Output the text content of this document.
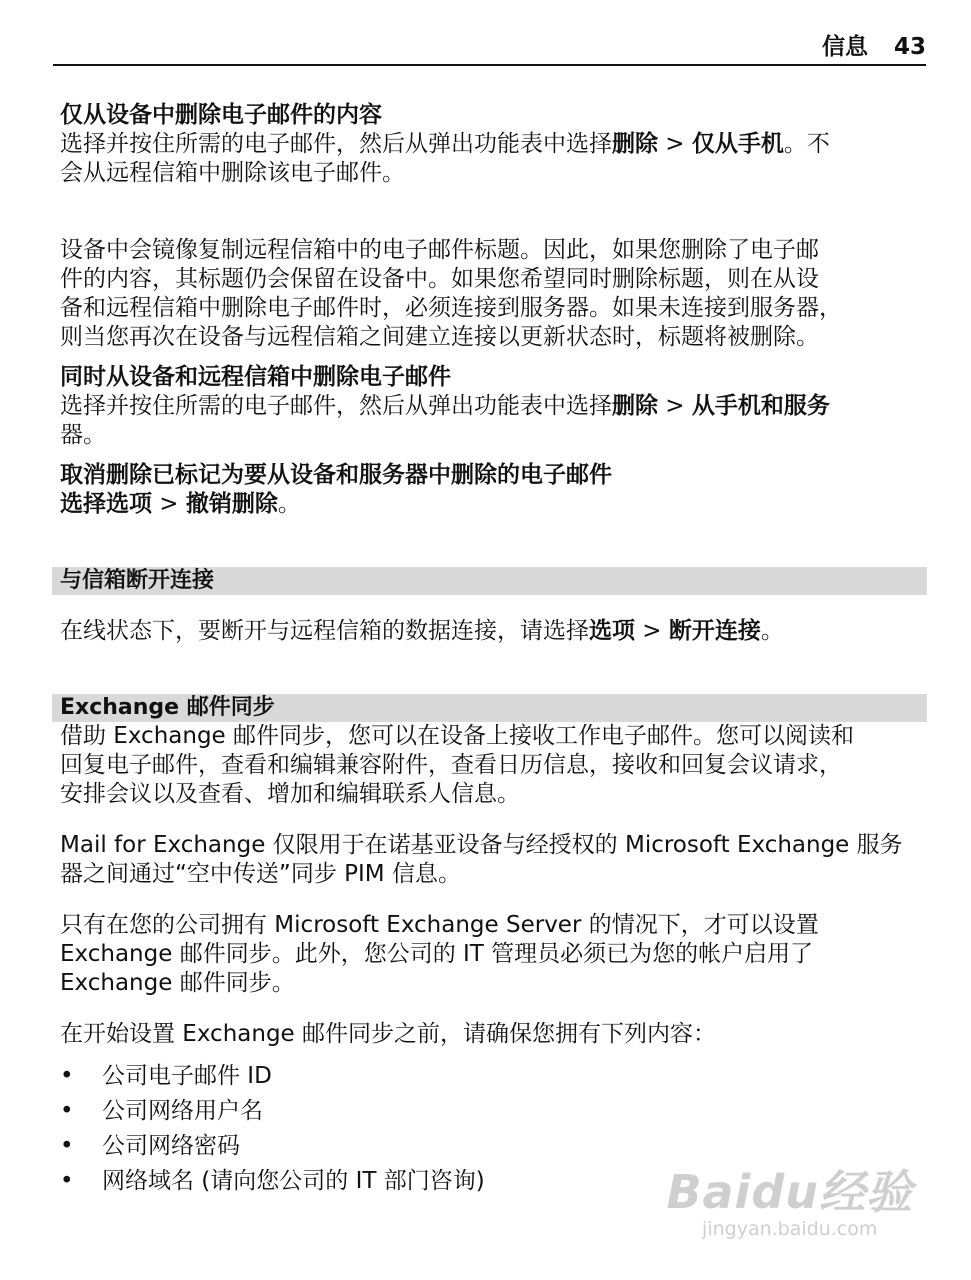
信息 43
仅从设备中删除电子邮件的内容

选择并按住所需的电子邮件，然后从弹出功能表中选择删除 > 仅从手机。不

会从远程信箱中删除该电子邮件。

设备中会镜像复制远程信箱中的电子邮件标题。因此，如果您删除了电子邮

件的内容，其标题仍会保留在设备中。如果您希望同时删除标题，则在从设

备和远程信箱中删除电子邮件时，必须连接到服务器。如果未连接到服务器，

则当您再次在设备与远程信箱之间建立连接以更新状态时，标题将被删除。

同时从设备和远程信箱中删除电子邮件

选择并按住所需的电子邮件，然后从弹出功能表中选择删除 > 从手机和服务

器。

取消删除已标记为要从设备和服务器中删除的电子邮件

选择选项 > 撤销删除。

与信箱断开连接

在线状态下，要断开与远程信箱的数据连接，请选择选项 > 断开连接。

Exchange 邮件同步

借助 Exchange 邮件同步，您可以在设备上接收工作电子邮件。您可以阅读和

回复电子邮件，查看和编辑兼容附件，查看日历信息，接收和回复会议请求，

安排会议以及查看、增加和编辑联系人信息。

Mail for Exchange 仅限用于在诺基亚设备与经授权的 Microsoft Exchange 服务

器之间通过“空中传送”同步 PIM 信息。

只有在您的公司拥有 Microsoft Exchange Server 的情况下，才可以设置

Exchange 邮件同步。此外，您公司的 IT 管理员必须已为您的帐户启用了

Exchange 邮件同步。

在开始设置 Exchange 邮件同步之前，请确保您拥有下列内容：

• 公司电子邮件 ID
• 公司网络用户名
• 公司网络密码
• 网络域名 (请向您公司的 IT 部门咨询)	Baidu经验
jingyan.baidu.com
